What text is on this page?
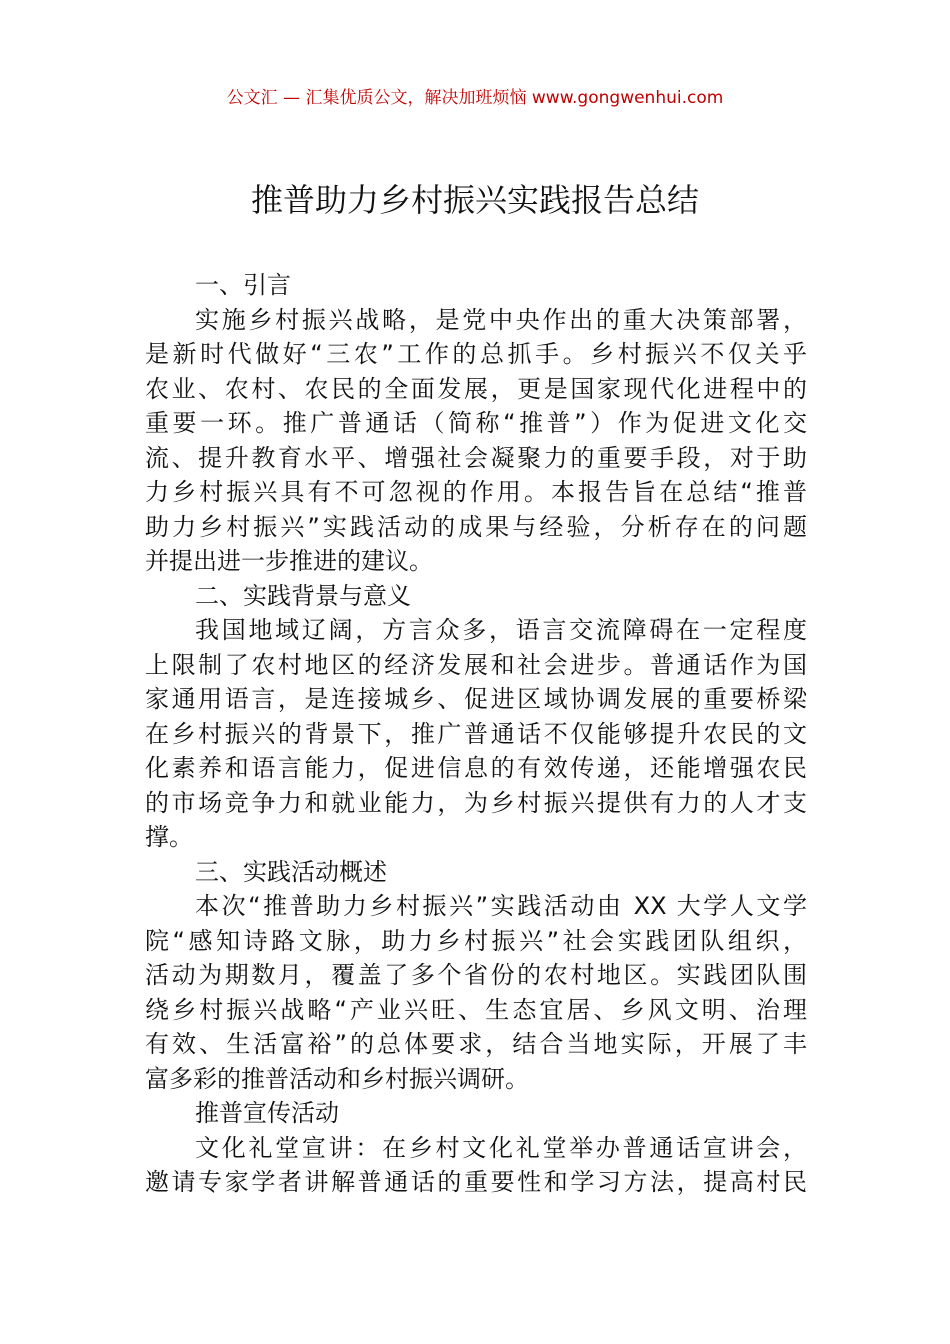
公文汇 — 汇集优质公文，解决加班烦恼 www.gongwenhui.com
推普助力乡村振兴实践报告总结
一、引言
实施乡村振兴战略，是党中央作出的重大决策部署，
是新时代做好“三农”工作的总抓手。乡村振兴不仅关乎
农业、农村、农民的全面发展，更是国家现代化进程中的
重要一环。推广普通话（简称“推普”）作为促进文化交
流、提升教育水平、增强社会凝聚力的重要手段，对于助
力乡村振兴具有不可忽视的作用。本报告旨在总结“推普
助力乡村振兴”实践活动的成果与经验，分析存在的问题
并提出进一步推进的建议。
二、实践背景与意义
我国地域辽阔，方言众多，语言交流障碍在一定程度
上限制了农村地区的经济发展和社会进步。普通话作为国
家通用语言，是连接城乡、促进区域协调发展的重要桥梁
在乡村振兴的背景下，推广普通话不仅能够提升农民的文
化素养和语言能力，促进信息的有效传递，还能增强农民
的市场竞争力和就业能力，为乡村振兴提供有力的人才支
撑。
三、实践活动概述
本次“推普助力乡村振兴”实践活动由 XX 大学人文学
院“感知诗路文脉，助力乡村振兴”社会实践团队组织，
活动为期数月，覆盖了多个省份的农村地区。实践团队围
绕乡村振兴战略“产业兴旺、生态宜居、乡风文明、治理
有效、生活富裕”的总体要求，结合当地实际，开展了丰
富多彩的推普活动和乡村振兴调研。
推普宣传活动
文化礼堂宣讲：在乡村文化礼堂举办普通话宣讲会，
邀请专家学者讲解普通话的重要性和学习方法，提高村民
